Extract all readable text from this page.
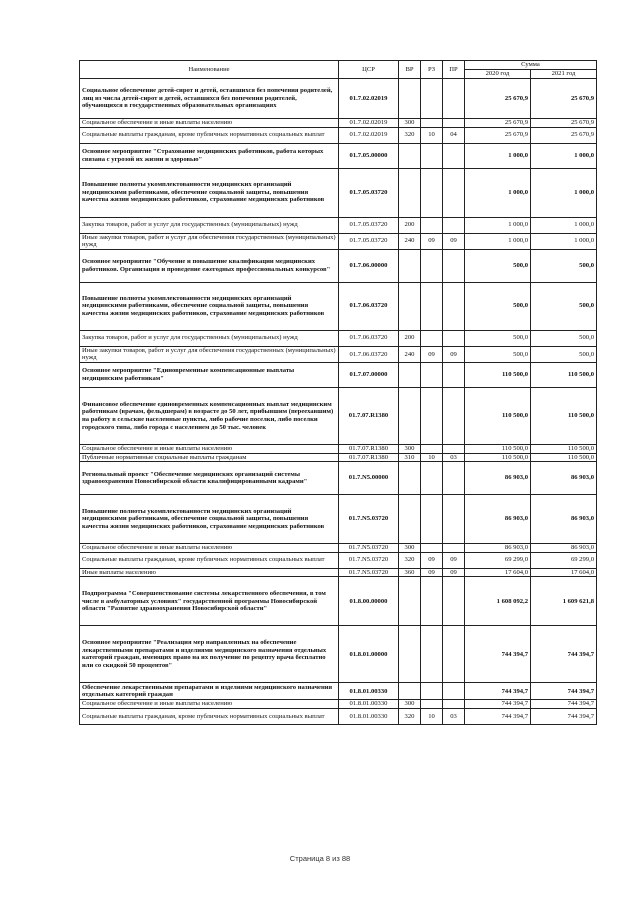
Наименование	ЦСР	ВР	РЗ	ПР	Сумма	
					2020 год	2021 год
Социальное обеспечение детей-сирот и детей, оставшихся без попечения родителей, лиц из числа детей-сирот и детей, оставшихся без попечения родителей, обучающихся в государственных образовательных организациях	01.7.02.02019				25 670,9	25 670,9
Социальное обеспечение и иные выплаты населению	01.7.02.02019	300			25 670,9	25 670,9
Социальные выплаты гражданам, кроме публичных нормативных социальных выплат	01.7.02.02019	320	10	04	25 670,9	25 670,9
Основное мероприятие "Страхование медицинских работников, работа которых связана с угрозой их жизни и здоровью"	01.7.05.00000				1 000,0	1 000,0
Повышение полноты укомплектованности медицинских организаций медицинскими работниками, обеспечение социальной защиты, повышения качества жизни медицинских работников, страхование медицинских работников	01.7.05.03720				1 000,0	1 000,0
Закупка товаров, работ и услуг для государственных (муниципальных) нужд	01.7.05.03720	200			1 000,0	1 000,0
Иные закупки товаров, работ и услуг для обеспечения государственных (муниципальных) нужд	01.7.05.03720	240	09	09	1 000,0	1 000,0
Основное мероприятие "Обучение и повышение квалификации медицинских работников. Организация и проведение ежегодных профессиональных конкурсов"	01.7.06.00000				500,0	500,0
Повышение полноты укомплектованности медицинских организаций медицинскими работниками, обеспечение социальной защиты, повышения качества жизни медицинских работников, страхование медицинских работников	01.7.06.03720				500,0	500,0
Закупка товаров, работ и услуг для государственных (муниципальных) нужд	01.7.06.03720	200			500,0	500,0
Иные закупки товаров, работ и услуг для обеспечения государственных (муниципальных) нужд	01.7.06.03720	240	09	09	500,0	500,0
Основное мероприятие "Единовременные компенсационные выплаты медицинским работникам"	01.7.07.00000				110 500,0	110 500,0
Финансовое обеспечение единовременных компенсационных выплат медицинским работникам (врачам, фельдшерам) в возрасте до 50 лет, прибывшим (переехавшим) на работу в сельские населенные пункты, либо рабочие поселки, либо поселки городского типа, либо города с населением до 50 тыс. человек	01.7.07.R1380				110 500,0	110 500,0
Социальное обеспечение и иные выплаты населению	01.7.07.R1380	300			110 500,0	110 500,0
Публичные нормативные социальные выплаты гражданам	01.7.07.R1380	310	10	03	110 500,0	110 500,0
Региональный проект "Обеспечение медицинских организаций системы здравоохранения Новосибирской области квалифицированными кадрами"	01.7.N5.00000				86 903,0	86 903,0
Повышение полноты укомплектованности медицинских организаций медицинскими работниками, обеспечение социальной защиты, повышения качества жизни медицинских работников, страхование медицинских работников	01.7.N5.03720				86 903,0	86 903,0
Социальное обеспечение и иные выплаты населению	01.7.N5.03720	300			86 903,0	86 903,0
Социальные выплаты гражданам, кроме публичных нормативных социальных выплат	01.7.N5.03720	320	09	09	69 299,0	69 299,0
Иные выплаты населению	01.7.N5.03720	360	09	09	17 604,0	17 604,0
Подпрограмма "Совершенствование системы лекарственного обеспечения, в том числе в амбулаторных условиях" государственной программы Новосибирской области "Развитие здравоохранения Новосибирской области"	01.8.00.00000				1 608 092,2	1 609 621,8
Основное мероприятие "Реализация мер направленных на обеспечение лекарственными препаратами и изделиями медицинского назначения отдельных категорий граждан, имеющих право на их получение по рецепту врача бесплатно или со скидкой 50 процентов"	01.8.01.00000				744 394,7	744 394,7
Обеспечение лекарственными препаратами и изделиями медицинского назначения отдельных категорий граждан	01.8.01.00330				744 394,7	744 394,7
Социальное обеспечение и иные выплаты населению	01.8.01.00330	300			744 394,7	744 394,7
Социальные выплаты гражданам, кроме публичных нормативных социальных выплат	01.8.01.00330	320	10	03	744 394,7	744 394,7
Страница 8 из 88
